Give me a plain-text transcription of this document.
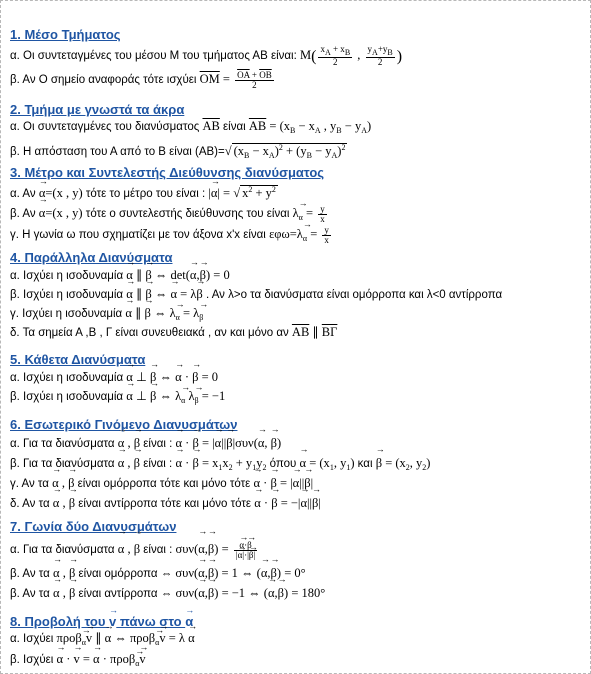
1. Μέσο Τμήματος

α. Οι συντεταγμένες του μέσου Μ του τμήματος ΑΒ είναι: $M( \frac{xA + xB}{2}$ , $\frac{yA+yB}{2}$ )

β. Αν Ο σημείο αναφοράς τότε ισχύει $\overline{OM} = \frac{\overline{OA} + \overline{OB}}{2}$

2. Τμήμα με γνωστά τα άκρα

α. Οι συντεταγμένες του διανύσματος $\overline{AB}$ είναι $\overline{AB} = (x_B - x_A$ , $y_B - y_A$)

β. Η απόσταση του Α από το Β είναι (ΑΒ)=√ $(x_B - x_A)^2 + (y_B - y_A)^2$

3. Μέτρο και Συντελεστής Διεύθυνσης διανύσματος

α. Αν → α=(x , y) τότε το μέτρο του είναι : |→ α| = √ $x^2 + y^2$

β. Αν → α=(x , y) τότε ο συντελεστής διεύθυνσης του είναι $\lambda\to _\alpha = \frac{y}{x}$

γ. Η γωνία ω που σχηματίζει με τον άξονα x'x είναι $\varepsilon\varphi\omega=\lambda\to _\alpha = \frac{y}{x}$

4. Παράλληλα Διανύσματα

α. Ισχύει η ισοδυναμία → α ∥ → β ⇔ det(→ α,→ β) = 0

β. Ισχύει η ισοδυναμία → α ∥ → β ⇔ → α = λ→ β . Αν λ>ο τα διανύσματα είναι ομόρροπα και λ<0 αντίρροπα

γ. Ισχύει η ισοδυναμία → α ∥ → β ⇔ λ→ $_\alpha$ = λ→ $_\beta$

δ. Τα σημεία Α ,Β , Γ είναι συνευθειακά , αν και μόνο αν $\overline{AB}$ ∥ $\overline{B\Gamma}$

5. Κάθετα Διανύσματα

α. Ισχύει η ισοδυναμία → α ⊥ → β ⇔ → α · → β = 0

β. Ισχύει η ισοδυναμία → α ⊥ → β ⇔ λ→ $_\alpha$ λ→ $_\beta$ = −1

6. Εσωτερικό Γινόμενο Διανυσμάτων

α. Για τα διανύσματα → α , → β είναι : → α · → β = |→ α||→ β|συν(→ α, → β)

β. Για τα διανύσματα → α , → β είναι : → α · → $\beta = x_1x_2 + y_1y_2$ $ό\pi o\upsilon \to \alpha = (x_1$, $y_1$) $\kappa\alpha\iota \to \beta = (x_2$, $y_2$)

γ. Αν τα → α , → β είναι ομόρροπα τότε και μόνο τότε → α · → β = |→ α||→ β|

δ. Αν τα → α , → β είναι αντίρροπα τότε και μόνο τότε → α · → β = −|→ α||→ β|

7. Γωνία δύο Διανυσμάτων

α. Για τα διανύσματα → α , → β είναι : συν(→ α,→ β) = → $\frac{\alpha\cdot\to \beta}{|\to \alpha|\cdot|\to \beta|}$

β. Αν τα → α , → β είναι ομόρροπα ⇔ συν(→ α,→ β) = 1 ⇔ (→ α,→ β) = 0°

β. Αν τα → α , → β είναι αντίρροπα ⇔ συν(→ α,→ β) = −1 ⇔ (→ α,→ β) = 180°

8. Προβολή του → v πάνω στο → α

α. Ισχύει προβ→ $_\alpha$→ v ∥ → α ⇔ προβ→ $_\alpha$→ v = λ → α

β. Ισχύει → α · → v = → α · προβ→ $_\alpha$→ v
